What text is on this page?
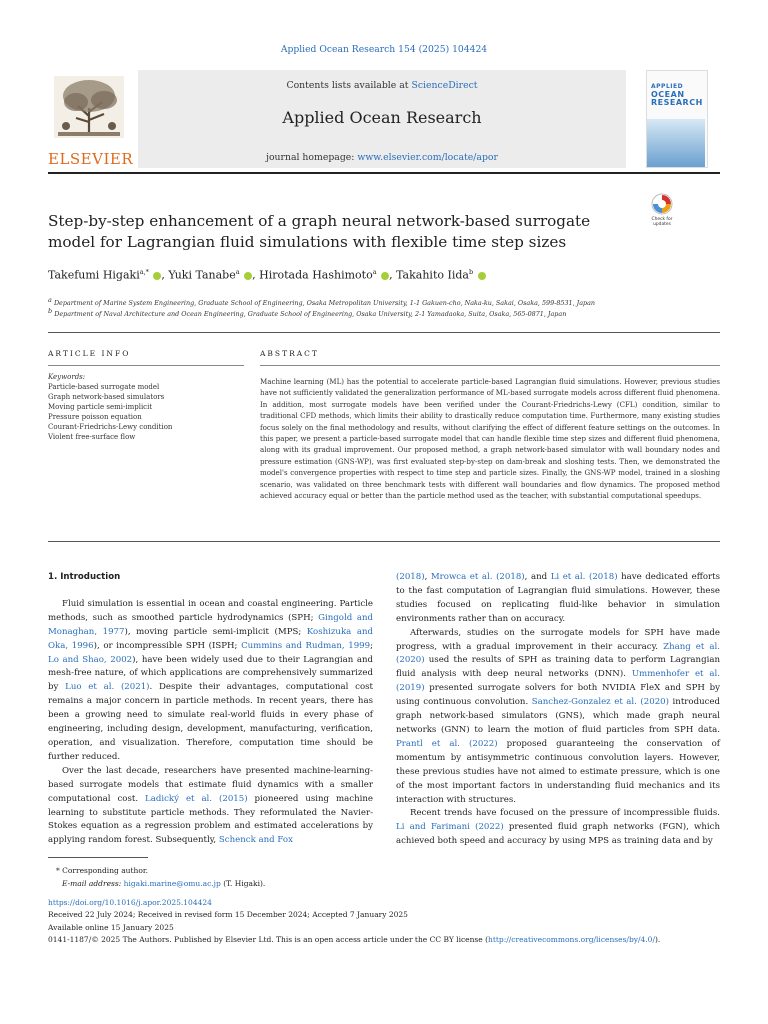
Applied Ocean Research 154 (2025) 104424
ELSEVIER
Contents lists available at ScienceDirect
Applied Ocean Research
journal homepage: www.elsevier.com/locate/apor
APPLIED
OCEAN
RESEARCH
Step-by-step enhancement of a graph neural network-based surrogate model for Lagrangian fluid simulations with flexible time step sizes
Check for
updates
Takefumi Higaki$^{a,*}$ , Yuki Tanabe$^a$ , Hirotada Hashimoto$^a$ , Takahito Iida$^b$
$^a$ Department of Marine System Engineering, Graduate School of Engineering, Osaka Metropolitan University, 1-1 Gakuen-cho, Naka-ku, Sakai, Osaka, 599-8531, Japan
$^b$ Department of Naval Architecture and Ocean Engineering, Graduate School of Engineering, Osaka University, 2-1 Yamadaoka, Suita, Osaka, 565-0871, Japan
ARTICLE INFO	ABSTRACT
Keywords:
Particle-based surrogate model
Graph network-based simulators
Moving particle semi-implicit
Pressure poisson equation
Courant-Friedrichs-Lewy condition
Violent free-surface flow
Machine learning (ML) has the potential to accelerate particle-based Lagrangian fluid simulations. However, previous studies have not sufficiently validated the generalization performance of ML-based surrogate models across different fluid phenomena. In addition, most surrogate models have been verified under the Courant-Friedrichs-Lewy (CFL) condition, similar to traditional CFD methods, which limits their ability to drastically reduce computation time. Furthermore, many existing studies focus solely on the final methodology and results, without clarifying the effect of different feature settings on the outcomes. In this paper, we present a particle-based surrogate model that can handle flexible time step sizes and different fluid phenomena, along with its gradual improvement. Our proposed method, a graph network-based simulator with wall boundary nodes and pressure estimation (GNS-WP), was first evaluated step-by-step on dam-break and sloshing tests. Then, we demonstrated the model's convergence properties with respect to time step and particle sizes. Finally, the GNS-WP model, trained in a sloshing scenario, was validated on three benchmark tests with different wall boundaries and flow dynamics. The proposed method achieved accuracy equal or better than the particle method used as the teacher, with substantial computational speedups.
1. Introduction

Fluid simulation is essential in ocean and coastal engineering. Particle methods, such as smoothed particle hydrodynamics (SPH; Gingold and Monaghan, 1977), moving particle semi-implicit (MPS; Koshizuka and Oka, 1996), or incompressible SPH (ISPH; Cummins and Rudman, 1999; Lo and Shao, 2002), have been widely used due to their Lagrangian and mesh-free nature, of which applications are comprehensively summarized by Luo et al. (2021). Despite their advantages, computational cost remains a major concern in particle methods. In recent years, there has been a growing need to simulate real-world fluids in every phase of engineering, including design, development, manufacturing, verification, operation, and visualization. Therefore, computation time should be further reduced.

Over the last decade, researchers have presented machine-learning-based surrogate models that estimate fluid dynamics with a smaller computational cost. Ladický et al. (2015) pioneered using machine learning to substitute particle methods. They reformulated the Navier-Stokes equation as a regression problem and estimated accelerations by applying random forest. Subsequently, Schenck and Fox

(2018), Mrowca et al. (2018), and Li et al. (2018) have dedicated efforts to the fast computation of Lagrangian fluid simulations. However, these studies focused on replicating fluid-like behavior in simulation environments rather than on accuracy.

Afterwards, studies on the surrogate models for SPH have made progress, with a gradual improvement in their accuracy. Zhang et al. (2020) used the results of SPH as training data to perform Lagrangian fluid analysis with deep neural networks (DNN). Ummenhofer et al. (2019) presented surrogate solvers for both NVIDIA FleX and SPH by using continuous convolution. Sanchez-Gonzalez et al. (2020) introduced graph network-based simulators (GNS), which made graph neural networks (GNN) to learn the motion of fluid particles from SPH data. Prantl et al. (2022) proposed guaranteeing the conservation of momentum by antisymmetric continuous convolution layers. However, these previous studies have not aimed to estimate pressure, which is one of the most important factors in understanding fluid mechanics and its interaction with structures.

Recent trends have focused on the pressure of incompressible fluids. Li and Farimani (2022) presented fluid graph networks (FGN), which achieved both speed and accuracy by using MPS as training data and by

* Corresponding author.
E-mail address: higaki.marine@omu.ac.jp (T. Higaki).
https://doi.org/10.1016/j.apor.2025.104424
Received 22 July 2024; Received in revised form 15 December 2024; Accepted 7 January 2025
Available online 15 January 2025
0141-1187/© 2025 The Authors. Published by Elsevier Ltd. This is an open access article under the CC BY license (http://creativecommons.org/licenses/by/4.0/).
